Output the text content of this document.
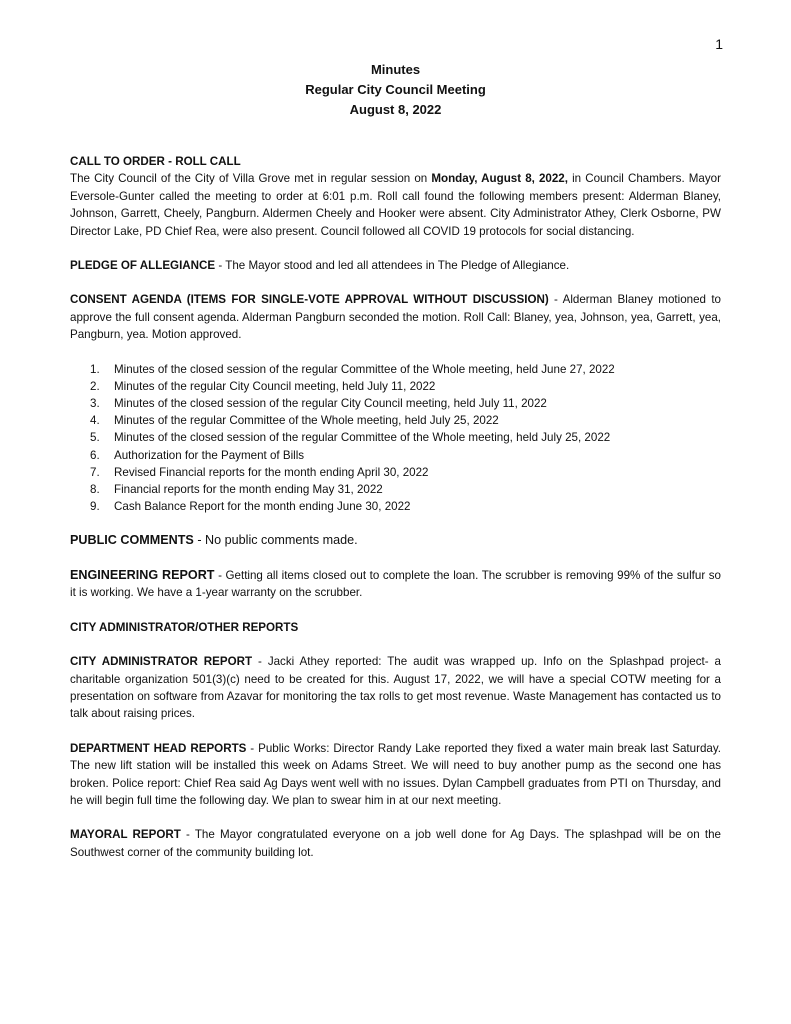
1
Minutes
Regular City Council Meeting
August 8, 2022
CALL TO ORDER - ROLL CALL

The City Council of the City of Villa Grove met in regular session on Monday, August 8, 2022, in Council Chambers. Mayor Eversole-Gunter called the meeting to order at 6:01 p.m. Roll call found the following members present: Alderman Blaney, Johnson, Garrett, Cheely, Pangburn. Aldermen Cheely and Hooker were absent. City Administrator Athey, Clerk Osborne, PW Director Lake, PD Chief Rea, were also present. Council followed all COVID 19 protocols for social distancing.

PLEDGE OF ALLEGIANCE - The Mayor stood and led all attendees in The Pledge of Allegiance.

CONSENT AGENDA (ITEMS FOR SINGLE-VOTE APPROVAL WITHOUT DISCUSSION) - Alderman Blaney motioned to approve the full consent agenda. Alderman Pangburn seconded the motion. Roll Call: Blaney, yea, Johnson, yea, Garrett, yea, Pangburn, yea. Motion approved.

1.	Minutes of the closed session of the regular Committee of the Whole meeting, held June 27, 2022
2.	Minutes of the regular City Council meeting, held July 11, 2022
3.	Minutes of the closed session of the regular City Council meeting, held July 11, 2022
4.	Minutes of the regular Committee of the Whole meeting, held July 25, 2022
5.	Minutes of the closed session of the regular Committee of the Whole meeting, held July 25, 2022
6.	Authorization for the Payment of Bills
7.	Revised Financial reports for the month ending April 30, 2022
8.	Financial reports for the month ending May 31, 2022
9.	Cash Balance Report for the month ending June 30, 2022

PUBLIC COMMENTS - No public comments made.

ENGINEERING REPORT - Getting all items closed out to complete the loan. The scrubber is removing 99% of the sulfur so it is working. We have a 1-year warranty on the scrubber.

CITY ADMINISTRATOR/OTHER REPORTS

CITY ADMINISTRATOR REPORT - Jacki Athey reported: The audit was wrapped up. Info on the Splashpad project- a charitable organization 501(3)(c) need to be created for this. August 17, 2022, we will have a special COTW meeting for a presentation on software from Azavar for monitoring the tax rolls to get most revenue. Waste Management has contacted us to talk about raising prices.

DEPARTMENT HEAD REPORTS - Public Works: Director Randy Lake reported they fixed a water main break last Saturday. The new lift station will be installed this week on Adams Street. We will need to buy another pump as the second one has broken. Police report: Chief Rea said Ag Days went well with no issues. Dylan Campbell graduates from PTI on Thursday, and he will begin full time the following day. We plan to swear him in at our next meeting.

MAYORAL REPORT - The Mayor congratulated everyone on a job well done for Ag Days. The splashpad will be on the Southwest corner of the community building lot.
